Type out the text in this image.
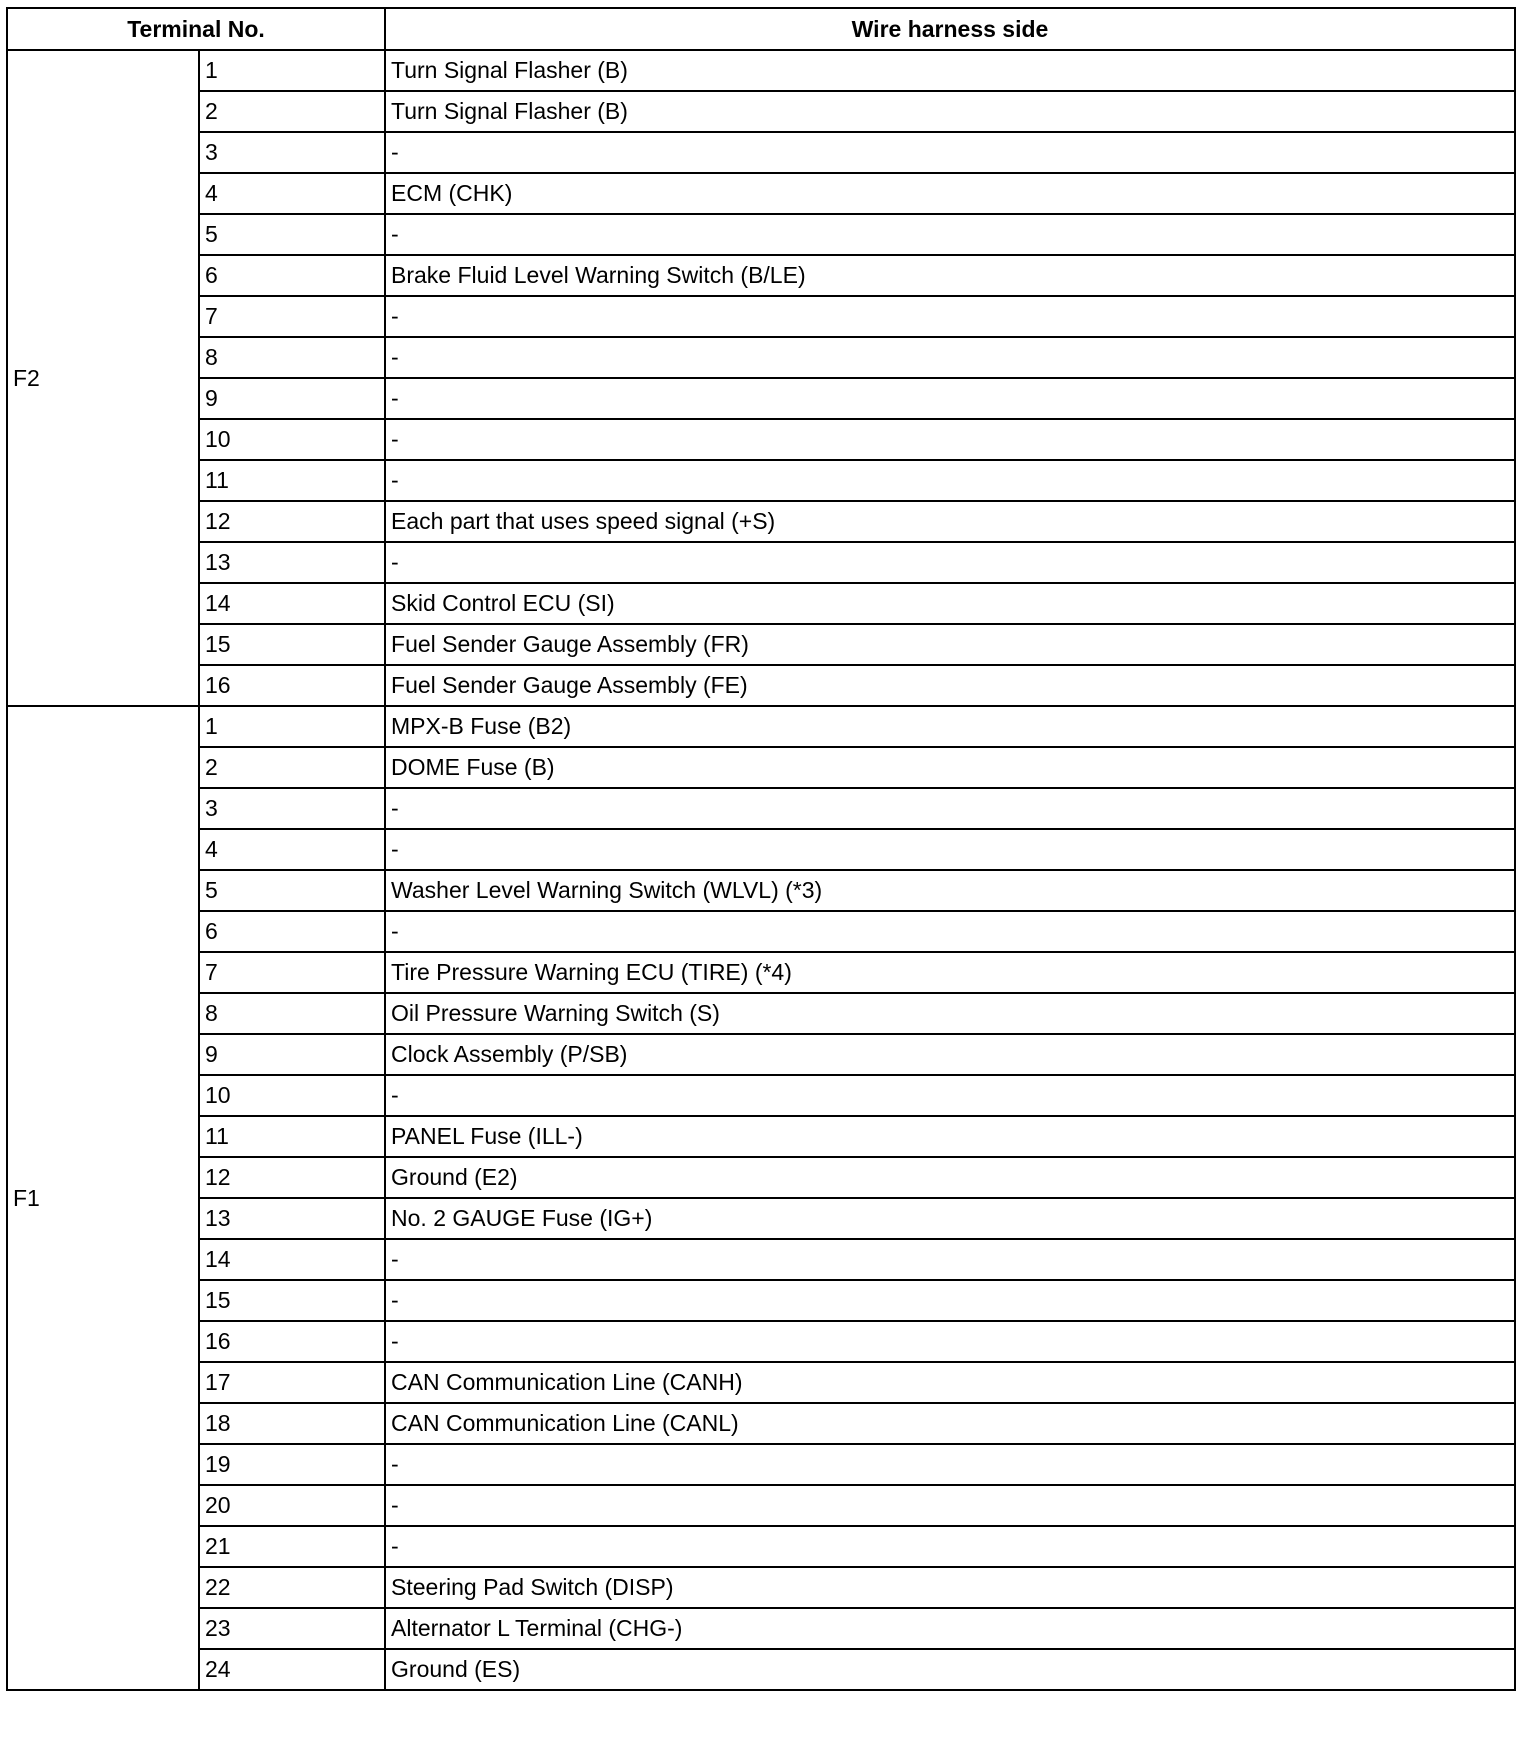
Terminal No.		Wire harness side
F2	1	Turn Signal Flasher (B)
	2	Turn Signal Flasher (B)
	3	-
	4	ECM (CHK)
	5	-
	6	Brake Fluid Level Warning Switch (B/LE)
	7	-
	8	-
	9	-
	10	-
	11	-
	12	Each part that uses speed signal (+S)
	13	-
	14	Skid Control ECU (SI)
	15	Fuel Sender Gauge Assembly (FR)
	16	Fuel Sender Gauge Assembly (FE)
F1	1	MPX-B Fuse (B2)
	2	DOME Fuse (B)
	3	-
	4	-
	5	Washer Level Warning Switch (WLVL) (*3)
	6	-
	7	Tire Pressure Warning ECU (TIRE) (*4)
	8	Oil Pressure Warning Switch (S)
	9	Clock Assembly (P/SB)
	10	-
	11	PANEL Fuse (ILL-)
	12	Ground (E2)
	13	No. 2 GAUGE Fuse (IG+)
	14	-
	15	-
	16	-
	17	CAN Communication Line (CANH)
	18	CAN Communication Line (CANL)
	19	-
	20	-
	21	-
	22	Steering Pad Switch (DISP)
	23	Alternator L Terminal (CHG-)
	24	Ground (ES)
